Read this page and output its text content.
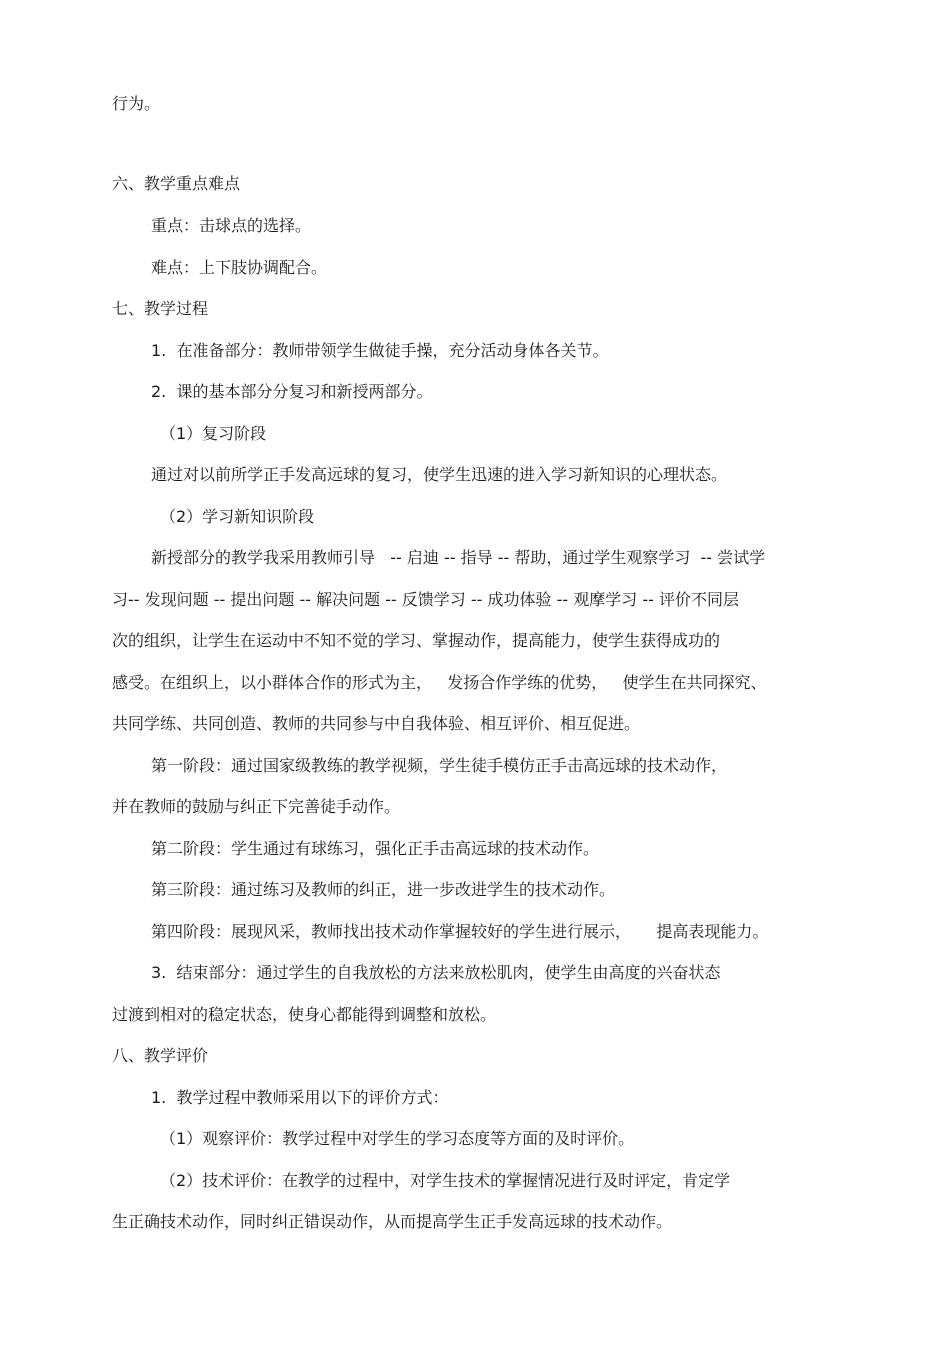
行为。

六、教学重点难点

重点：击球点的选择。

难点：上下肢协调配合。

七、教学过程

1.  在准备部分：教师带领学生做徒手操，充分活动身体各关节。

2.  课的基本部分分复习和新授两部分。

（1）复习阶段

通过对以前所学正手发高远球的复习，使学生迅速的进入学习新知识的心理状态。

（2）学习新知识阶段

新授部分的教学我采用教师引导   -- 启迪 -- 指导 -- 帮助，通过学生观察学习  -- 尝试学

习-- 发现问题 -- 提出问题 -- 解决问题 -- 反馈学习 -- 成功体验 -- 观摩学习 -- 评价不同层

次的组织，让学生在运动中不知不觉的学习、掌握动作，提高能力，使学生获得成功的

感受。在组织上，以小群体合作的形式为主，   发扬合作学练的优势，   使学生在共同探究、

共同学练、共同创造、教师的共同参与中自我体验、相互评价、相互促进。

第一阶段：通过国家级教练的教学视频，学生徒手模仿正手击高远球的技术动作，

并在教师的鼓励与纠正下完善徒手动作。

第二阶段：学生通过有球练习，强化正手击高远球的技术动作。

第三阶段：通过练习及教师的纠正，进一步改进学生的技术动作。

第四阶段：展现风采，教师找出技术动作掌握较好的学生进行展示，     提高表现能力。

3.  结束部分：通过学生的自我放松的方法来放松肌肉，使学生由高度的兴奋状态

过渡到相对的稳定状态，使身心都能得到调整和放松。

八、教学评价

1.  教学过程中教师采用以下的评价方式：

（1）观察评价：教学过程中对学生的学习态度等方面的及时评价。

（2）技术评价：在教学的过程中，对学生技术的掌握情况进行及时评定，肯定学

生正确技术动作，同时纠正错误动作，从而提高学生正手发高远球的技术动作。
